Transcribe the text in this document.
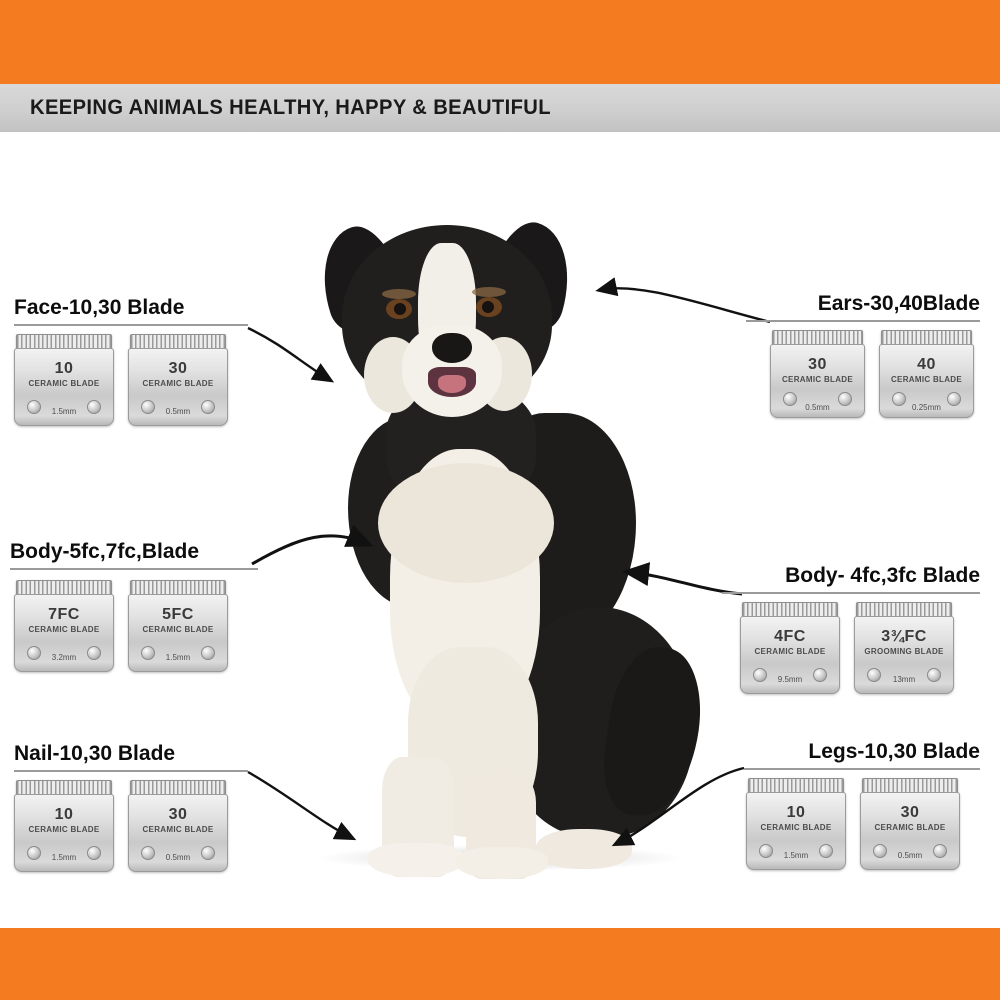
KEEPING ANIMALS HEALTHY, HAPPY & BEAUTIFUL
Face-10,30 Blade
10
CERAMIC BLADE
1.5mm
30
CERAMIC BLADE
0.5mm
Ears-30,40Blade
30
CERAMIC BLADE
0.5mm
40
CERAMIC BLADE
0.25mm
Body-5fc,7fc,Blade
7FC
CERAMIC BLADE
3.2mm
5FC
CERAMIC BLADE
1.5mm
Body- 4fc,3fc Blade
4FC
CERAMIC BLADE
9.5mm
3¾FC
GROOMING BLADE
13mm
Nail-10,30 Blade
10
CERAMIC BLADE
1.5mm
30
CERAMIC BLADE
0.5mm
Legs-10,30 Blade
10
CERAMIC BLADE
1.5mm
30
CERAMIC BLADE
0.5mm
